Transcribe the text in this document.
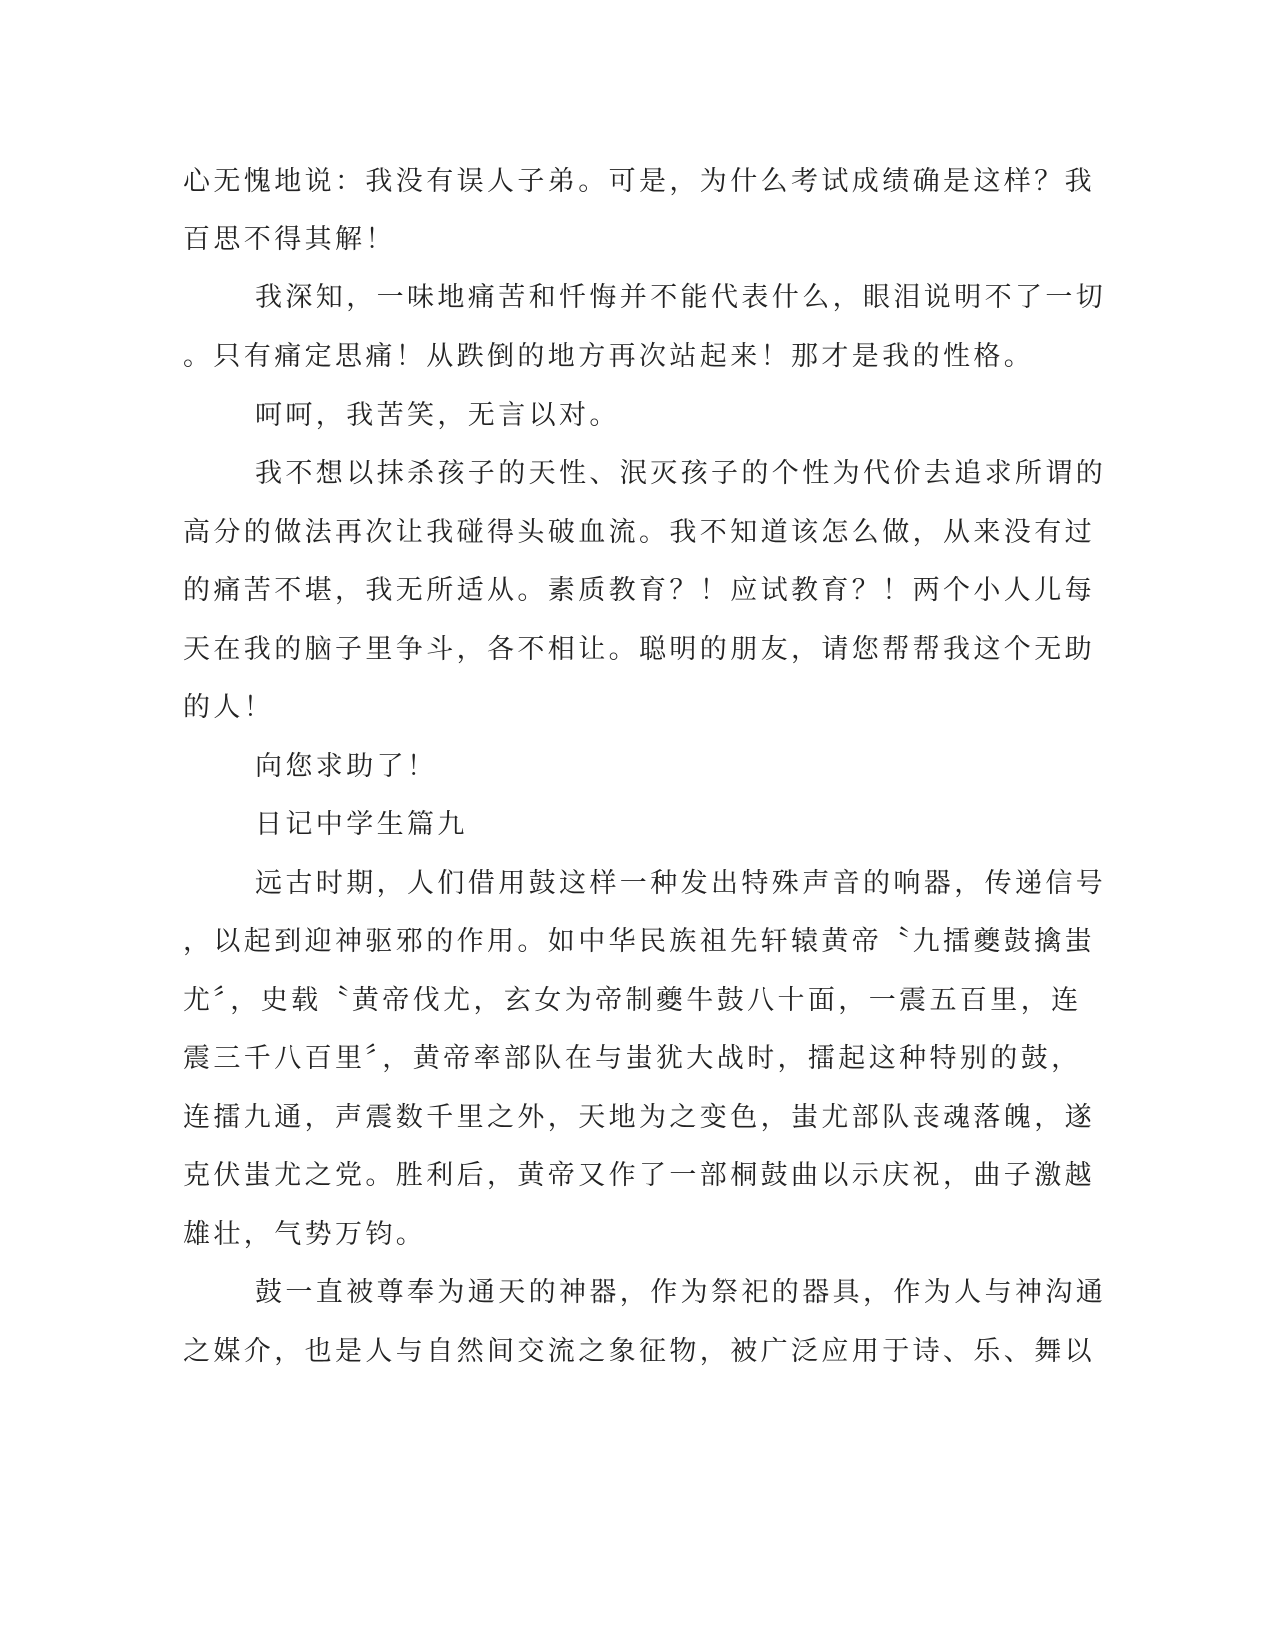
心无愧地说：我没有误人子弟。可是，为什么考试成绩确是这样？我
百思不得其解！
我深知，一味地痛苦和忏悔并不能代表什么，眼泪说明不了一切
。只有痛定思痛！从跌倒的地方再次站起来！那才是我的性格。
呵呵，我苦笑，无言以对。
我不想以抹杀孩子的天性、泯灭孩子的个性为代价去追求所谓的
高分的做法再次让我碰得头破血流。我不知道该怎么做，从来没有过
的痛苦不堪，我无所适从。素质教育？！应试教育？！两个小人儿每
天在我的脑子里争斗，各不相让。聪明的朋友，请您帮帮我这个无助
的人！
向您求助了！
日记中学生篇九
远古时期，人们借用鼓这样一种发出特殊声音的响器，传递信号
，以起到迎神驱邪的作用。如中华民族祖先轩辕黄帝〝九擂夔鼓擒蚩
尤〞，史载〝黄帝伐尤，玄女为帝制夔牛鼓八十面，一震五百里，连
震三千八百里〞，黄帝率部队在与蚩犹大战时，擂起这种特别的鼓，
连擂九通，声震数千里之外，天地为之变色，蚩尤部队丧魂落魄，遂
克伏蚩尤之党。胜利后，黄帝又作了一部桐鼓曲以示庆祝，曲子激越
雄壮，气势万钧。
鼓一直被尊奉为通天的神器，作为祭祀的器具，作为人与神沟通
之媒介，也是人与自然间交流之象征物，被广泛应用于诗、乐、舞以
